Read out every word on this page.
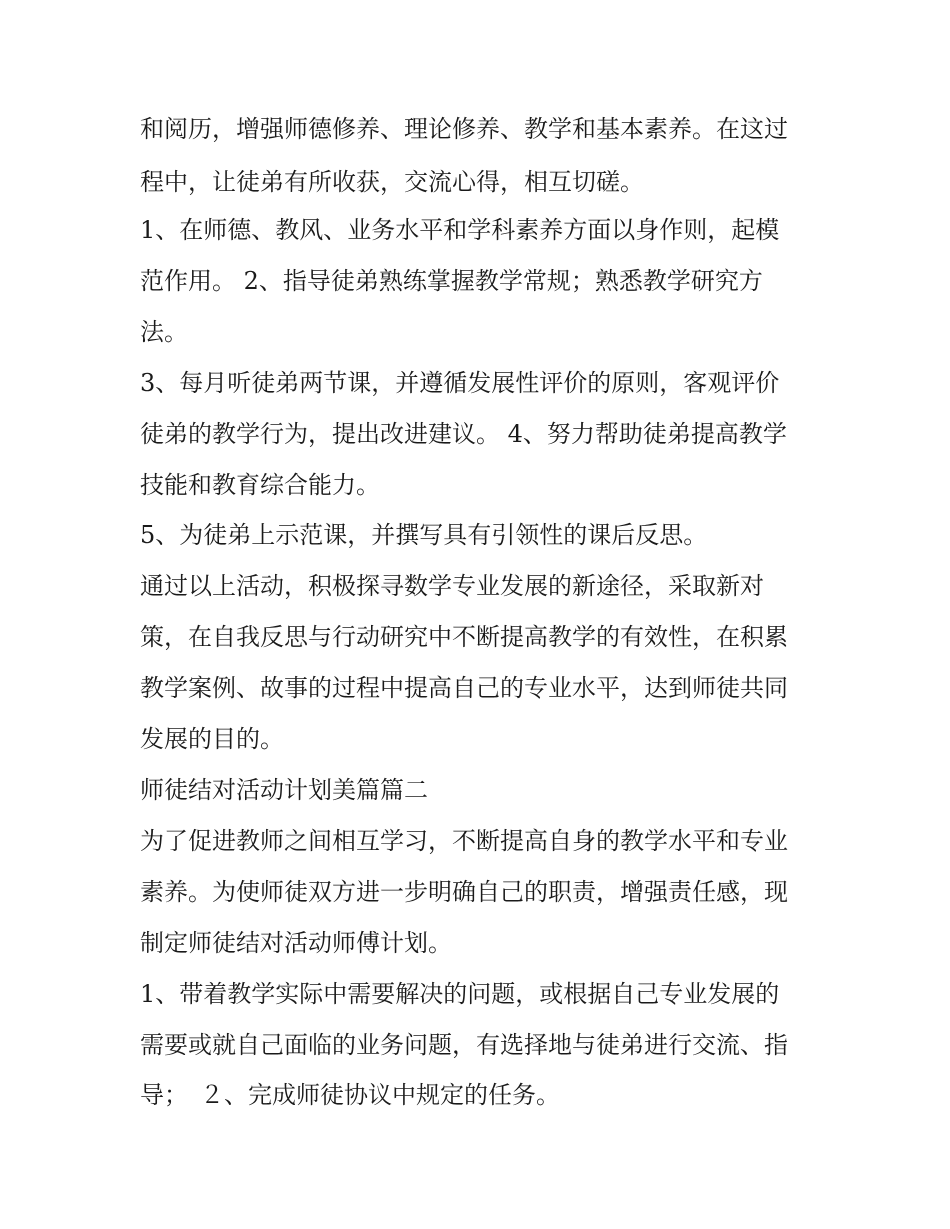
和阅历，增强师德修养、理论修养、教学和基本素养。在这过
程中，让徒弟有所收获，交流心得，相互切磋。
1、在师德、教风、业务水平和学科素养方面以身作则，起模
范作用。 2、指导徒弟熟练掌握教学常规；熟悉教学研究方
法。
3、每月听徒弟两节课，并遵循发展性评价的原则，客观评价
徒弟的教学行为，提出改进建议。 4、努力帮助徒弟提高教学
技能和教育综合能力。
5、为徒弟上示范课，并撰写具有引领性的课后反思。
通过以上活动，积极探寻数学专业发展的新途径，采取新对
策，在自我反思与行动研究中不断提高教学的有效性，在积累
教学案例、故事的过程中提高自己的专业水平，达到师徒共同
发展的目的。
师徒结对活动计划美篇篇二
为了促进教师之间相互学习，不断提高自身的教学水平和专业
素养。为使师徒双方进一步明确自己的职责，增强责任感，现
制定师徒结对活动师傅计划。
1、带着教学实际中需要解决的问题，或根据自己专业发展的
需要或就自己面临的业务问题，有选择地与徒弟进行交流、指
导；　２、完成师徒协议中规定的任务。
